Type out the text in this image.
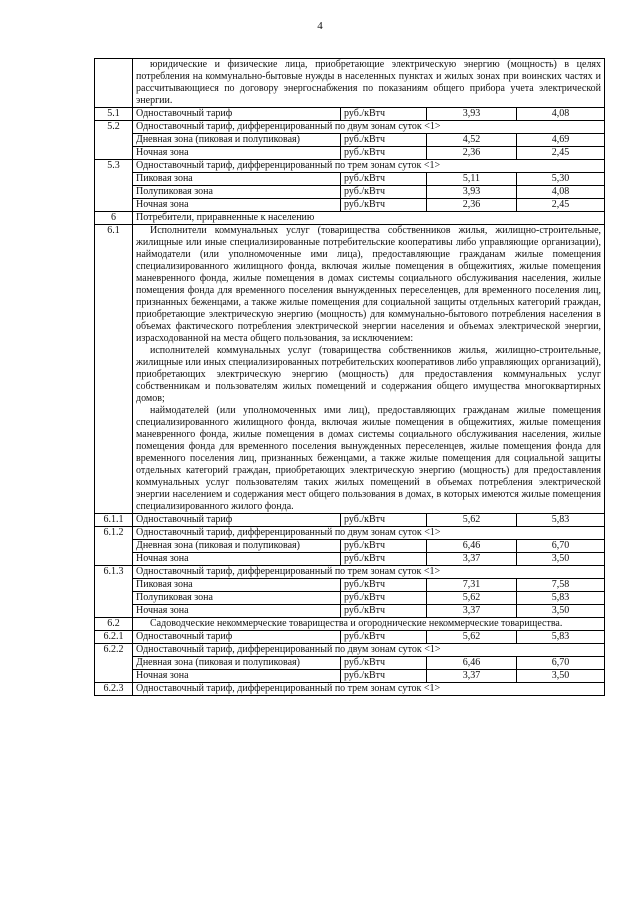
4

	юридические и физические лица, приобретающие электрическую энергию (мощность) в целях потребления на коммунально-бытовые нужды в населенных пунктах и жилых зонах при воинских частях и рассчитывающиеся по договору энергоснабжения по показаниям общего прибора учета электрической энергии.			

5.1	Одноставочный тариф	руб./кВтч	3,93	4,08
5.2	Одноставочный тариф, дифференцированный по двум зонам суток <1>			
	Дневная зона (пиковая и полупиковая)	руб./кВтч	4,52	4,69
	Ночная зона	руб./кВтч	2,36	2,45
5.3	Одноставочный тариф, дифференцированный по трем зонам суток <1>			
	Пиковая зона	руб./кВтч	5,11	5,30
	Полупиковая зона	руб./кВтч	3,93	4,08
	Ночная зона	руб./кВтч	2,36	2,45
6	Потребители, приравненные к населению			
6.1	Исполнители коммунальных услуг (товарищества собственников жилья, жилищно-строительные, жилищные или иные специализированные потребительские кооперативы либо управляющие организации), наймодатели (или уполномоченные ими лица), предоставляющие гражданам жилые помещения специализированного жилищного фонда, включая жилые помещения в общежитиях, жилые помещения маневренного фонда, жилые помещения в домах системы социального обслуживания населения, жилые помещения фонда для временного поселения вынужденных переселенцев, для временного поселения лиц, признанных беженцами, а также жилые помещения для социальной защиты отдельных категорий граждан, приобретающие электрическую энергию (мощность) для коммунально-бытового потребления населения в объемах фактического потребления электрической энергии населения и объемах электрической энергии, израсходованной на места общего пользования, за исключением:

исполнителей коммунальных услуг (товарищества собственников жилья, жилищно-строительные, жилищные или иных специализированных потребительских кооперативов либо управляющих организаций), приобретающих электрическую энергию (мощность) для предоставления коммунальных услуг собственникам и пользователям жилых помещений и содержания общего имущества многоквартирных домов;

наймодателей (или уполномоченных ими лиц), предоставляющих гражданам жилые помещения специализированного жилищного фонда, включая жилые помещения в общежитиях, жилые помещения маневренного фонда, жилые помещения в домах системы социального обслуживания населения, жилые помещения фонда для временного поселения вынужденных переселенцев, жилые помещения фонда для временного поселения лиц, признанных беженцами, а также жилые помещения для социальной защиты отдельных категорий граждан, приобретающих электрическую энергию (мощность) для предоставления коммунальных услуг пользователям таких жилых помещений в объемах потребления электрической энергии населением и содержания мест общего пользования в домах, в которых имеются жилые помещения специализированного жилого фонда.			

6.1.1	Одноставочный тариф	руб./кВтч	5,62	5,83
6.1.2	Одноставочный тариф, дифференцированный по двум зонам суток <1>			
	Дневная зона (пиковая и полупиковая)	руб./кВтч	6,46	6,70
	Ночная зона	руб./кВтч	3,37	3,50
6.1.3	Одноставочный тариф, дифференцированный по трем зонам суток <1>			
	Пиковая зона	руб./кВтч	7,31	7,58
	Полупиковая зона	руб./кВтч	5,62	5,83
	Ночная зона	руб./кВтч	3,37	3,50
6.2	Садоводческие некоммерческие товарищества и огороднические некоммерческие товарищества.			

6.2.1	Одноставочный тариф	руб./кВтч	5,62	5,83
6.2.2	Одноставочный тариф, дифференцированный по двум зонам суток <1>			
	Дневная зона (пиковая и полупиковая)	руб./кВтч	6,46	6,70
	Ночная зона	руб./кВтч	3,37	3,50
6.2.3	Одноставочный тариф, дифференцированный по трем зонам суток <1>			
